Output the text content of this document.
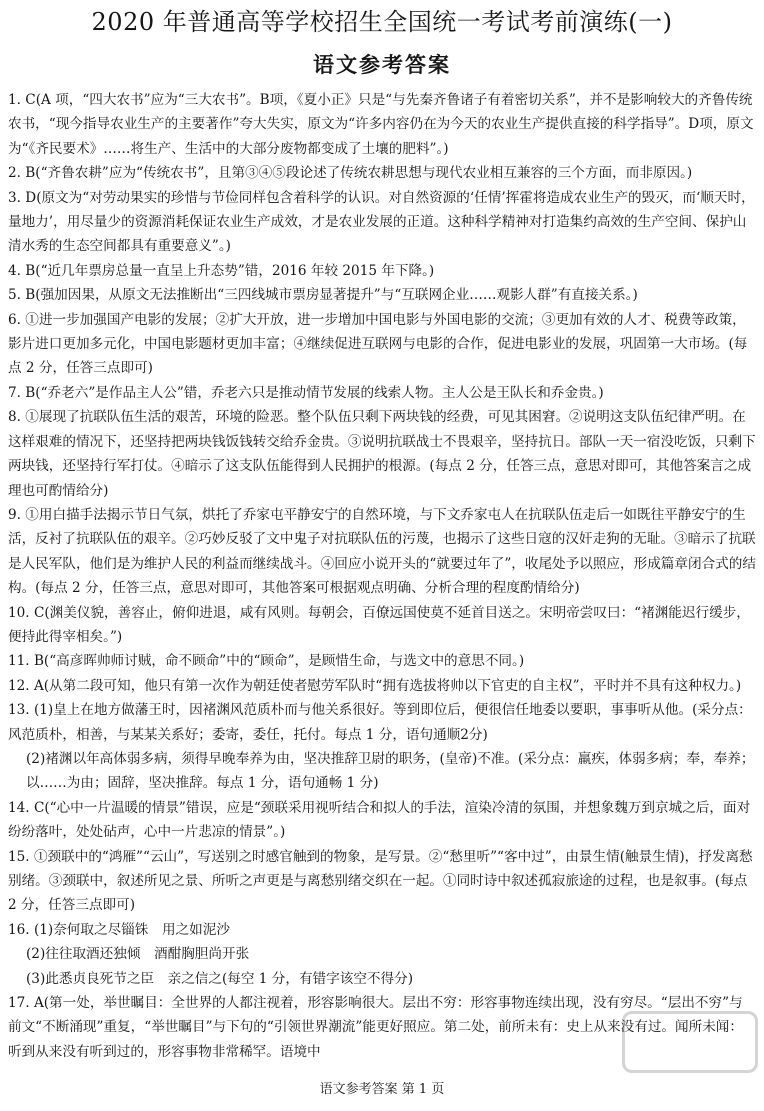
2020 年普通高等学校招生全国统一考试考前演练(一)
语文参考答案
1. C(A 项，“四大农书”应为“三大农书”。B项，《夏小正》只是“与先秦齐鲁诸子有着密切关系”，并不是影响较大的齐鲁传统农书，“现今指导农业生产的主要著作”夸大失实，原文为“许多内容仍在为今天的农业生产提供直接的科学指导”。D项，原文为“《齐民要术》……将生产、生活中的大部分废物都变成了土壤的肥料”。)
2. B(“齐鲁农耕”应为“传统农书”，且第③④⑤段论述了传统农耕思想与现代农业相互兼容的三个方面，而非原因。)
3. D(原文为“对劳动果实的珍惜与节俭同样包含着科学的认识。对自然资源的‘任情’挥霍将造成农业生产的毁灭，而‘顺天时，量地力’，用尽量少的资源消耗保证农业生产成效，才是农业发展的正道。这种科学精神对打造集约高效的生产空间、保护山清水秀的生态空间都具有重要意义”。)
4. B(“近几年票房总量一直呈上升态势”错，2016 年较 2015 年下降。)
5. B(强加因果，从原文无法推断出“三四线城市票房显著提升”与“互联网企业……观影人群”有直接关系。)
6. ①进一步加强国产电影的发展；②扩大开放，进一步增加中国电影与外国电影的交流；③更加有效的人才、税费等政策，影片进口更加多元化，中国电影题材更加丰富；④继续促进互联网与电影的合作，促进电影业的发展，巩固第一大市场。(每点 2 分，任答三点即可)
7. B(“乔老六”是作品主人公”错，乔老六只是推动情节发展的线索人物。主人公是王队长和乔金贵。)
8. ①展现了抗联队伍生活的艰苦，环境的险恶。整个队伍只剩下两块钱的经费，可见其困窘。②说明这支队伍纪律严明。在这样艰难的情况下，还坚持把两块钱饭钱转交给乔金贵。③说明抗联战士不畏艰辛，坚持抗日。部队一天一宿没吃饭，只剩下两块钱，还坚持行军打仗。④暗示了这支队伍能得到人民拥护的根源。(每点 2 分，任答三点，意思对即可，其他答案言之成理也可酌情给分)
9. ①用白描手法揭示节日气氛，烘托了乔家屯平静安宁的自然环境，与下文乔家屯人在抗联队伍走后一如既往平静安宁的生活，反衬了抗联队伍的艰辛。②巧妙反驳了文中鬼子对抗联队伍的污蔑，也揭示了这些日寇的汉奸走狗的无耻。③暗示了抗联是人民军队，他们是为维护人民的利益而继续战斗。④回应小说开头的“就要过年了”，收尾处予以照应，形成篇章闭合式的结构。(每点 2 分，任答三点，意思对即可，其他答案可根据观点明确、分析合理的程度酌情给分)
10. C(渊美仪貌，善容止，俯仰进退，咸有风则。每朝会，百僚远国使莫不延首目送之。宋明帝尝叹曰：“褚渊能迟行缓步，便持此得宰相矣。”)
11. B(“高彦晖帅师讨贼，命不顾命”中的“顾命”，是顾惜生命，与选文中的意思不同。)
12. A(从第二段可知，他只有第一次作为朝廷使者慰劳军队时“拥有选拔将帅以下官吏的自主权”，平时并不具有这种权力。)
13. (1)皇上在地方做藩王时，因褚渊风范质朴而与他关系很好。等到即位后，便很信任地委以要职，事事听从他。(采分点：风范质朴，相善，与某某关系好；委寄，委任，托付。每点 1 分，语句通顺2分)
(2)褚渊以年高体弱多病，须得早晚奉养为由，坚决推辞卫尉的职务，(皇帝)不准。(采分点：羸疾，体弱多病；奉，奉养；以……为由；固辞，坚决推辞。每点 1 分，语句通畅 1 分)
14. C(“心中一片温暖的情景”错误，应是“颈联采用视听结合和拟人的手法，渲染冷清的氛围，并想象魏万到京城之后，面对纷纷落叶，处处砧声，心中一片悲凉的情景”。)
15. ①颈联中的“鸿雁”“云山”，写送别之时感官触到的物象，是写景。②“愁里听”“客中过”，由景生情(触景生情)，抒发离愁别绪。③颈联中，叙述所见之景、所听之声更是与离愁别绪交织在一起。①同时诗中叙述孤寂旅途的过程，也是叙事。(每点 2 分，任答三点即可)
16. (1)奈何取之尽锱铢　用之如泥沙
(2)往往取酒还独倾　酒酣胸胆尚开张
(3)此悉贞良死节之臣　亲之信之(每空 1 分，有错字该空不得分)
17. A(第一处，举世瞩目：全世界的人都注视着，形容影响很大。层出不穷：形容事物连续出现，没有穷尽。“层出不穷”与前文“不断涌现”重复，“举世瞩目”与下句的“引领世界潮流”能更好照应。第二处，前所未有：史上从来没有过。闻所未闻：听到从来没有听到过的，形容事物非常稀罕。语境中
语文参考答案 第 1 页
